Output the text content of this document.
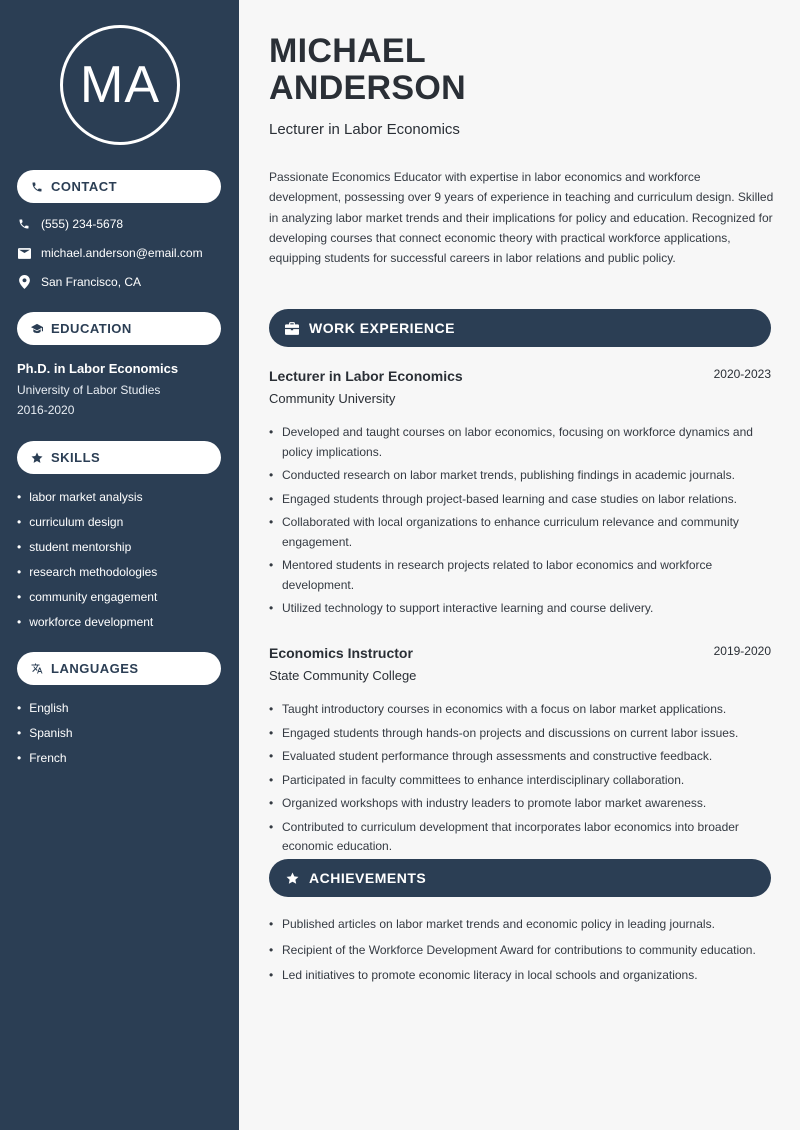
MA
CONTACT
(555) 234-5678
michael.anderson@email.com
San Francisco, CA
EDUCATION
Ph.D. in Labor Economics
University of Labor Studies
2016-2020
SKILLS
• labor market analysis
• curriculum design
• student mentorship
• research methodologies
• community engagement
• workforce development
LANGUAGES
• English
• Spanish
• French
MICHAEL
ANDERSON
Lecturer in Labor Economics
Passionate Economics Educator with expertise in labor economics and workforce development, possessing over 9 years of experience in teaching and curriculum design. Skilled in analyzing labor market trends and their implications for policy and education. Recognized for developing courses that connect economic theory with practical workforce applications, equipping students for successful careers in labor relations and public policy.
WORK EXPERIENCE
Lecturer in Labor Economics	2020-2023
Community University
• Developed and taught courses on labor economics, focusing on workforce dynamics and policy implications.
• Conducted research on labor market trends, publishing findings in academic journals.
• Engaged students through project-based learning and case studies on labor relations.
• Collaborated with local organizations to enhance curriculum relevance and community engagement.
• Mentored students in research projects related to labor economics and workforce development.
• Utilized technology to support interactive learning and course delivery.
Economics Instructor	2019-2020
State Community College
• Taught introductory courses in economics with a focus on labor market applications.
• Engaged students through hands-on projects and discussions on current labor issues.
• Evaluated student performance through assessments and constructive feedback.
• Participated in faculty committees to enhance interdisciplinary collaboration.
• Organized workshops with industry leaders to promote labor market awareness.
• Contributed to curriculum development that incorporates labor economics into broader economic education.
ACHIEVEMENTS
• Published articles on labor market trends and economic policy in leading journals.
• Recipient of the Workforce Development Award for contributions to community education.
• Led initiatives to promote economic literacy in local schools and organizations.
